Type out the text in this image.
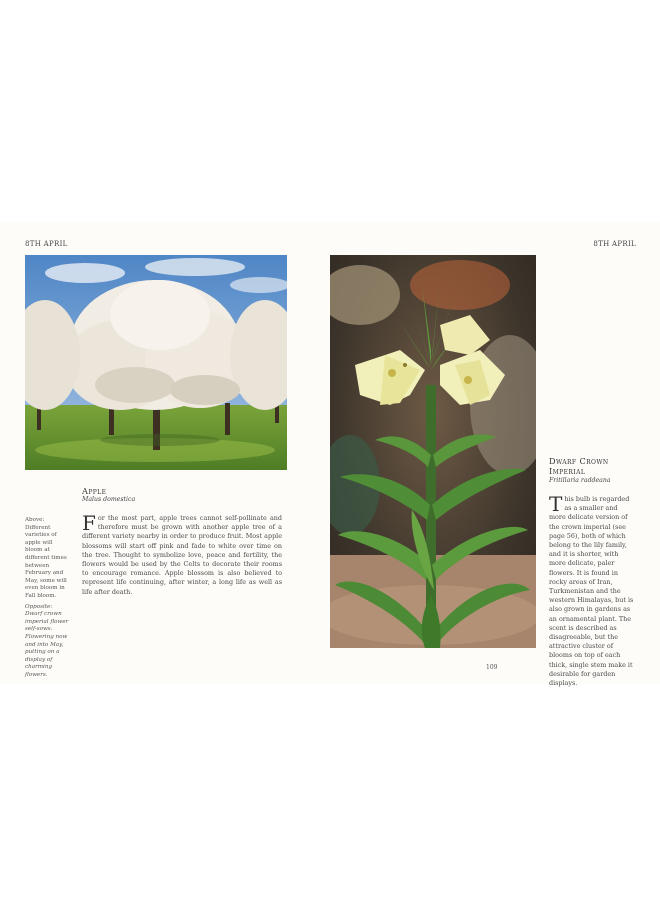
8TH APRIL	8TH APRIL
Apple
Malus domestica

Above: Different varieties of apple will bloom at different times between February and May, some will even bloom in Fall bloom.

Opposite: Dwarf crown imperial flower self-sows. Flowering now and into May, putting on a display of charming flowers.

F or the most part, apple trees cannot self-pollinate and therefore must be grown with another apple tree of a different variety nearby in order to produce fruit. Most apple blossoms will start off pink and fade to white over time on the tree. Thought to symbolize love, peace and fertility, the flowers would be used by the Celts to decorate their rooms to encourage romance. Apple blossom is also believed to represent life continuing, after winter, a long life as well as life after death.
Dwarf Crown
Imperial
Fritillaria raddeana
T his bulb is regarded as a smaller and more delicate version of the crown imperial (see page 56), both of which belong to the lily family, and it is shorter, with more delicate, paler flowers. It is found in rocky areas of Iran, Turkmenistan and the western Himalayas, but is also grown in gardens as an ornamental plant. The scent is described as disagreeable, but the attractive cluster of blooms on top of each thick, single stem make it desirable for garden displays.
109
